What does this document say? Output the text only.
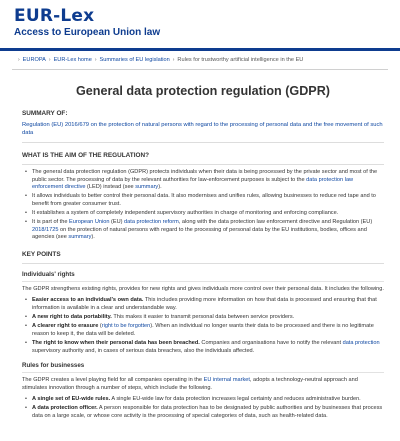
EUR-Lex
Access to European Union law
› EUROPA › EUR-Lex home › Summaries of EU legislation › Rules for trustworthy artificial intelligence in the EU
General data protection regulation (GDPR)
SUMMARY OF:
Regulation (EU) 2016/679 on the protection of natural persons with regard to the processing of personal data and the free movement of such data
WHAT IS THE AIM OF THE REGULATION?
• The general data protection regulation (GDPR) protects individuals when their data is being processed by the private sector and most of the public sector. The processing of data by the relevant authorities for law-enforcement purposes is subject to the data protection law enforcement directive (LED) instead (see summary).
• It allows individuals to better control their personal data. It also modernises and unifies rules, allowing businesses to reduce red tape and to benefit from greater consumer trust.
• It establishes a system of completely independent supervisory authorities in charge of monitoring and enforcing compliance.
• It is part of the European Union (EU) data protection reform, along with the data protection law enforcement directive and Regulation (EU) 2018/1725 on the protection of natural persons with regard to the processing of personal data by the EU institutions, bodies, offices and agencies (see summary).
KEY POINTS
Individuals' rights

The GDPR strengthens existing rights, provides for new rights and gives individuals more control over their personal data. It includes the following.

• Easier access to an individual's own data. This includes providing more information on how that data is processed and ensuring that that information is available in a clear and understandable way.
• A new right to data portability. This makes it easier to transmit personal data between service providers.
• A clearer right to erasure (right to be forgotten). When an individual no longer wants their data to be processed and there is no legitimate reason to keep it, the data will be deleted.
• The right to know when their personal data has been breached. Companies and organisations have to notify the relevant data protection supervisory authority and, in cases of serious data breaches, also the individuals affected.
Rules for businesses

The GDPR creates a level playing field for all companies operating in the EU internal market, adopts a technology-neutral approach and stimulates innovation through a number of steps, which include the following.

• A single set of EU-wide rules. A single EU-wide law for data protection increases legal certainty and reduces administrative burden.
• A data protection officer. A person responsible for data protection has to be designated by public authorities and by businesses that process data on a large scale, or whose core activity is the processing of special categories of data, such as health-related data.
